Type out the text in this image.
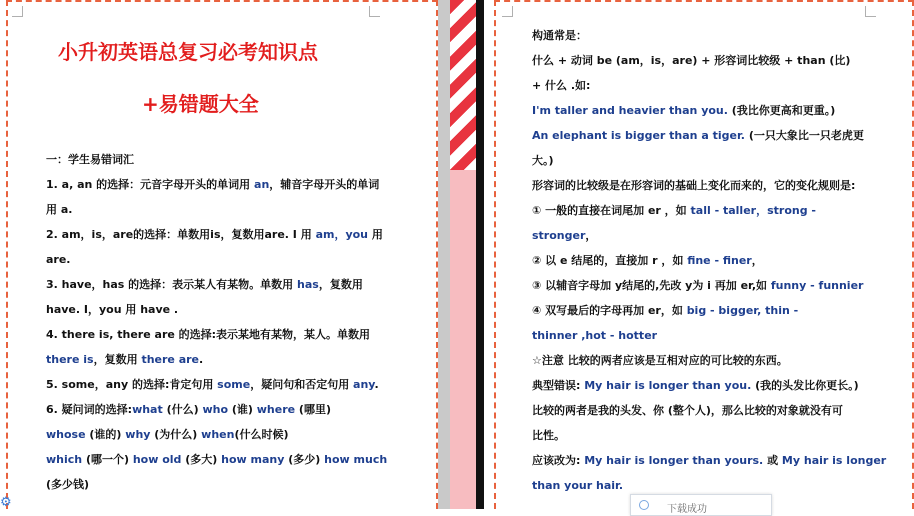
小升初英语总复习必考知识点
+易错题大全
一：学生易错词汇
1. a, an 的选择：元音字母开头的单词用 an，辅音字母开头的单词
用 a.
2. am，is，are的选择：单数用is，复数用are. I 用 am，you 用
are.
3. have，has 的选择：表示某人有某物。单数用 has，复数用
have. I，you 用 have .
4. there is, there are 的选择:表示某地有某物，某人。单数用
there is，复数用 there are.
5. some，any 的选择:肯定句用 some，疑问句和否定句用 any.
6. 疑问词的选择:what (什么) who (谁) where (哪里)
whose (谁的) why (为什么) when(什么时候)
which (哪一个) how old (多大) how many (多少) how much
(多少钱)
构通常是：
什么 + 动词 be (am，is，are) + 形容词比较级 + than (比)
+ 什么 .如:
I'm taller and heavier than you. (我比你更高和更重。)
An elephant is bigger than a tiger. (一只大象比一只老虎更
大。)
形容词的比较级是在形容词的基础上变化而来的，它的变化规则是:
① 一般的直接在词尾加 er ，如 tall - taller，strong -
stronger，
② 以 e 结尾的，直接加 r ，如 fine - finer，
③ 以辅音字母加 y结尾的,先改 y为 i 再加 er,如 funny - funnier
④ 双写最后的字母再加 er，如 big - bigger, thin -
thinner ,hot - hotter
☆注意 比较的两者应该是互相对应的可比较的东西。
典型错误: My hair is longer than you. (我的头发比你更长。)
比较的两者是我的头发、你 (整个人)，那么比较的对象就没有可
比性。
应该改为: My hair is longer than yours. 或 My hair is longer
than your hair.
⚙	下载成功
